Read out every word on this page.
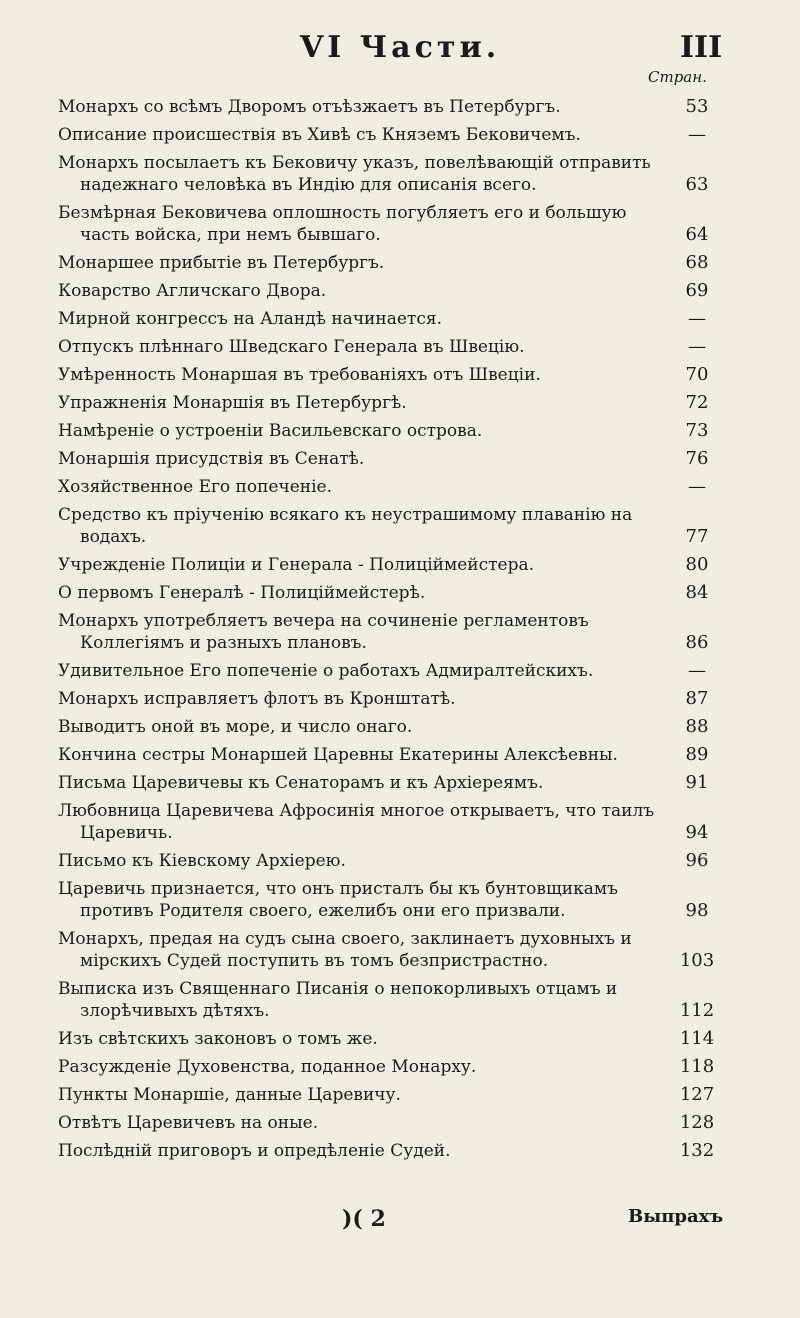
VI Части.	III
Стран.
Монархъ со всѣмъ Дворомъ отъѣзжаетъ въ Петербургъ.	53
Описание происшествія въ Хивѣ съ Княземъ Бековичемъ.	—
Монархъ посылаетъ къ Бековичу указъ, повелѣвающій отправить надежнаго человѣка въ Индію для описанія всего.	63
Безмѣрная Бековичева оплошность погубляетъ его и большую часть войска, при немъ бывшаго.	64
Монаршее прибытіе въ Петербургъ.	68
Коварство Агличскаго Двора.	69
Мирной конгрессъ на Аландѣ начинается.	—
Отпускъ плѣннаго Шведскаго Генерала въ Швецію.	—
Умѣренность Монаршая въ требованіяхъ отъ Швеціи.	70
Упражненія Монаршія въ Петербургѣ.	72
Намѣреніе о устроеніи Васильевскаго острова.	73
Монаршія присудствія въ Сенатѣ.	76
Хозяйственное Его попеченіе.	—
Средство къ пріученію всякаго къ неустрашимому плаванію на водахъ.	77
Учрежденіе Полиціи и Генерала - Полиціймейстера.	80
О первомъ Генералѣ - Полиціймейстерѣ.	84
Монархъ употребляетъ вечера на сочиненіе регламентовъ Коллегіямъ и разныхъ плановъ.	86
Удивительное Его попеченіе о работахъ Адмиралтейскихъ.	—
Монархъ исправляетъ флотъ въ Кронштатѣ.	87
Выводитъ оной въ море, и число онаго.	88
Кончина сестры Монаршей Царевны Екатерины Алексѣевны.	89
Письма Царевичевы къ Сенаторамъ и къ Архіереямъ.	91
Любовница Царевичева Афросинія многое открываетъ, что таилъ Царевичь.	94
Письмо къ Кіевскому Архіерею.	96
Царевичь признается, что онъ присталъ бы къ бунтовщикамъ противъ Родителя своего, ежелибъ они его призвали.	98
Монархъ, предая на судъ сына своего, заклинаетъ духовныхъ и мірскихъ Судей поступить въ томъ безпристрастно.	103
Выписка изъ Священнаго Писанія о непокорливыхъ отцамъ и злорѣчивыхъ дѣтяхъ.	112
Изъ свѣтскихъ законовъ о томъ же.	114
Разсужденіе Духовенства, поданное Монарху.	118
Пункты Монаршіе, данные Царевичу.	127
Отвѣтъ Царевичевъ на оные.	128
Послѣдній приговоръ и опредѣленіе Судей.	132
)( 2	Выпрахъ
